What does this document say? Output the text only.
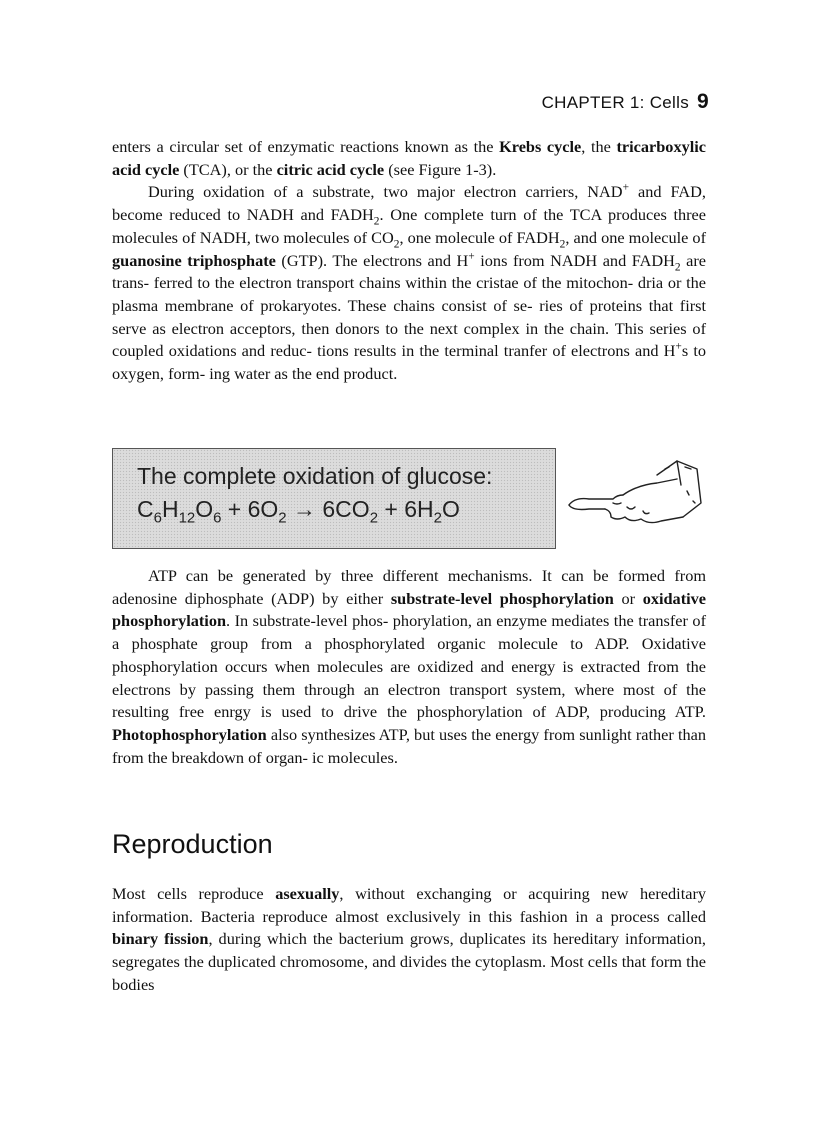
CHAPTER 1: Cells 9
enters a circular set of enzymatic reactions known as the Krebs cycle, the tricarboxylic acid cycle (TCA), or the citric acid cycle (see Figure 1-3).
During oxidation of a substrate, two major electron carriers, NAD+ and FAD, become reduced to NADH and $FADH_2$. One complete turn of the TCA produces three molecules of NADH, two molecules of $CO_2$, one molecule of $FADH_2$, and one molecule of guanosine triphosphate (GTP). The electrons and H+ ions from NADH and $FADH_2$ are trans- ferred to the electron transport chains within the cristae of the mitochon- dria or the plasma membrane of prokaryotes. These chains consist of se- ries of proteins that first serve as electron acceptors, then donors to the next complex in the chain. This series of coupled oxidations and reduc- tions results in the terminal tranfer of electrons and H+s to oxygen, form- ing water as the end product.
The complete oxidation of glucose:
$C_6H_{12}O_6 + 6O_2 \to 6CO_2 + 6H_2O$
ATP can be generated by three different mechanisms. It can be formed from adenosine diphosphate (ADP) by either substrate-level phosphorylation or oxidative phosphorylation. In substrate-level phos- phorylation, an enzyme mediates the transfer of a phosphate group from a phosphorylated organic molecule to ADP. Oxidative phosphorylation occurs when molecules are oxidized and energy is extracted from the electrons by passing them through an electron transport system, where most of the resulting free enrgy is used to drive the phosphorylation of ADP, producing ATP. Photophosphorylation also synthesizes ATP, but uses the energy from sunlight rather than from the breakdown of organ- ic molecules.
Reproduction
Most cells reproduce asexually, without exchanging or acquiring new hereditary information. Bacteria reproduce almost exclusively in this fashion in a process called binary fission, during which the bacterium grows, duplicates its hereditary information, segregates the duplicated chromosome, and divides the cytoplasm. Most cells that form the bodies
